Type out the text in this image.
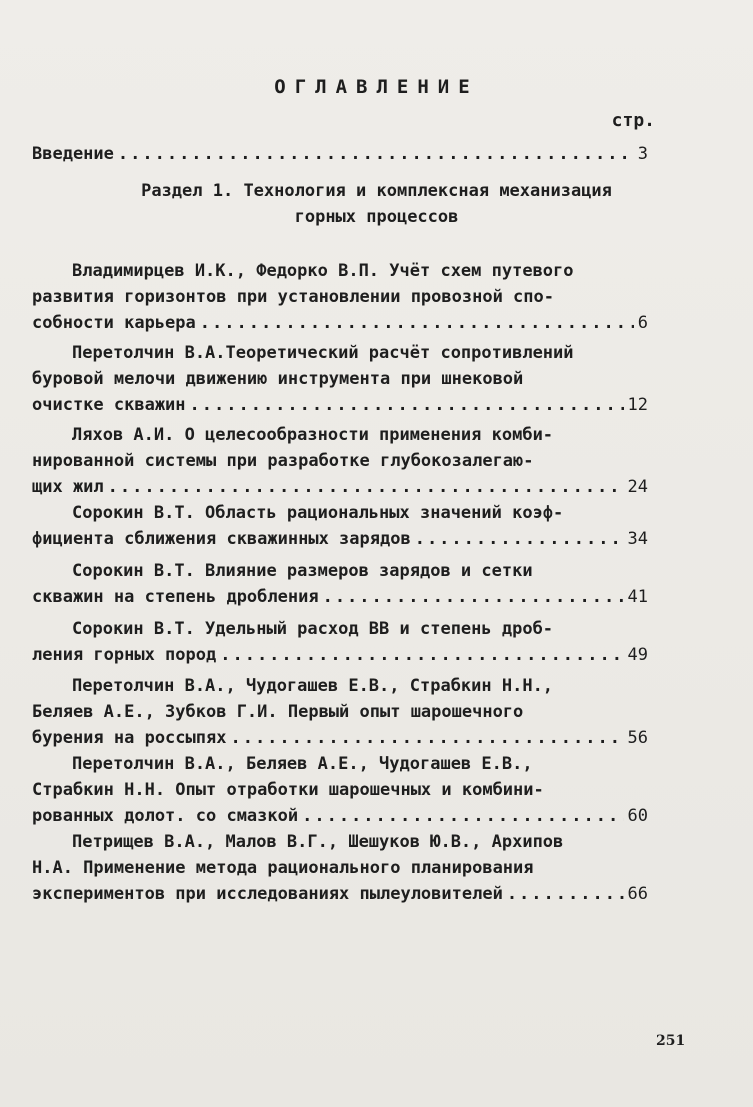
ОГЛАВЛЕНИЕ
стр.
Введение .....	3
Раздел 1. Технология и комплексная механизация
горных процессов
Владимирцев И.К., Федорко В.П. Учёт схем путевого
развития горизонтов при установлении провозной спо-
собности карьера .....	6
Перетолчин В.А.Теоретический расчёт сопротивлений
буровой мелочи движению инструмента при шнековой
очистке скважин .....	12
Ляхов А.И. О целесообразности применения комби-
нированной системы при разработке глубокозалегаю-
щих жил .....	24
Сорокин В.Т. Область рациональных значений коэф-
фициента сближения скважинных зарядов .....	34
Сорокин В.Т. Влияние размеров зарядов и сетки
скважин на степень дробления .....	41
Сорокин В.Т. Удельный расход ВВ и степень дроб-
ления горных пород .....	49
Перетолчин В.А., Чудогашев Е.В., Страбкин Н.Н.,
Беляев А.Е., Зубков Г.И. Первый опыт шарошечного
бурения на россыпях .....	56
Перетолчин В.А., Беляев А.Е., Чудогашев Е.В.,
Страбкин Н.Н. Опыт отработки шарошечных и комбини-
рованных долот. со смазкой .....	60
Петрищев В.А., Малов В.Г., Шешуков Ю.В., Архипов
Н.А. Применение метода рационального планирования
экспериментов при исследованиях пылеуловителей .....	66
251
